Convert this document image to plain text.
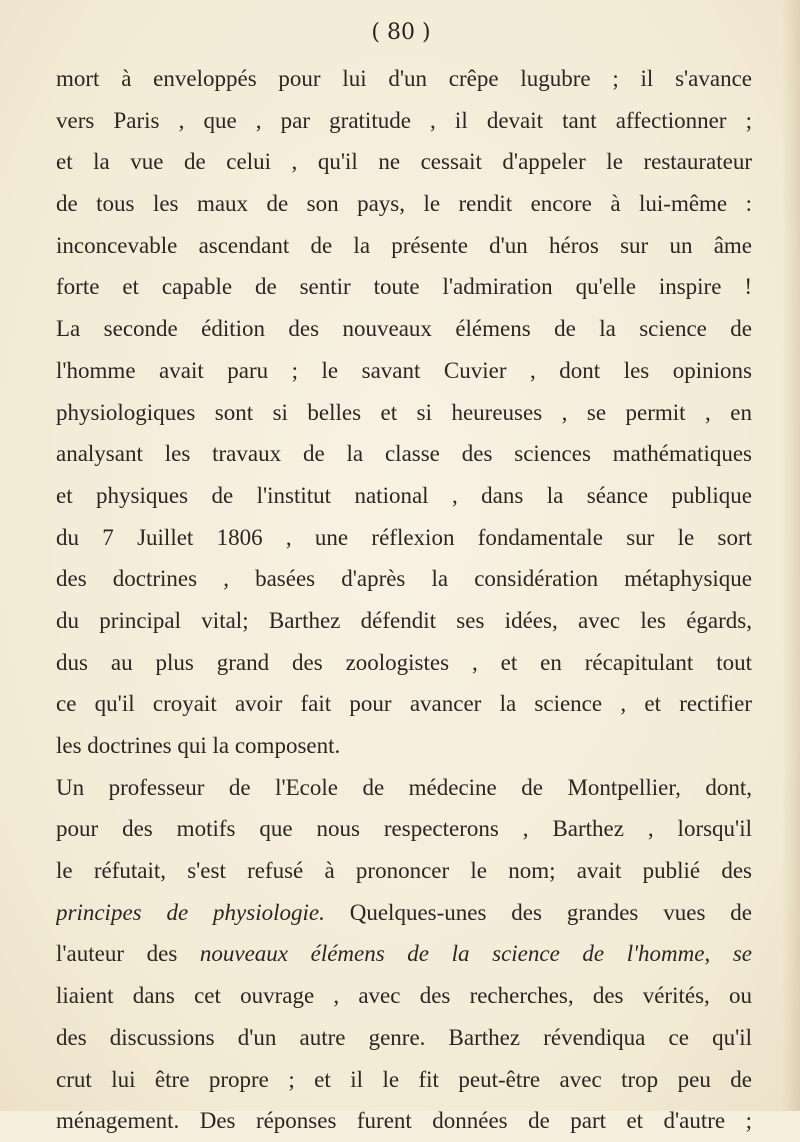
( 80 )
mort à enveloppés pour lui d'un crêpe lugubre ; il s'avance
vers Paris , que , par gratitude , il devait tant affectionner ;
et la vue de celui , qu'il ne cessait d'appeler le restaurateur
de tous les maux de son pays, le rendit encore à lui-même :
inconcevable ascendant de la présente d'un héros sur un âme
forte et capable de sentir toute l'admiration qu'elle inspire !
La seconde édition des nouveaux élémens de la science de
l'homme avait paru ; le savant Cuvier , dont les opinions
physiologiques sont si belles et si heureuses , se permit , en
analysant les travaux de la classe des sciences mathématiques
et physiques de l'institut national , dans la séance publique
du 7 Juillet 1806 , une réflexion fondamentale sur le sort
des doctrines , basées d'après la considération métaphysique
du principal vital; Barthez défendit ses idées, avec les égards,
dus au plus grand des zoologistes , et en récapitulant tout
ce qu'il croyait avoir fait pour avancer la science , et rectifier
les doctrines qui la composent.
Un professeur de l'Ecole de médecine de Montpellier, dont,
pour des motifs que nous respecterons , Barthez , lorsqu'il
le réfutait, s'est refusé à prononcer le nom; avait publié des
principes de physiologie. Quelques-unes des grandes vues de
l'auteur des nouveaux élémens de la science de l'homme, se
liaient dans cet ouvrage , avec des recherches, des vérités, ou
des discussions d'un autre genre. Barthez révendiqua ce qu'il
crut lui être propre ; et il le fit peut-être avec trop peu de
ménagement. Des réponses furent données de part et d'autre ;
